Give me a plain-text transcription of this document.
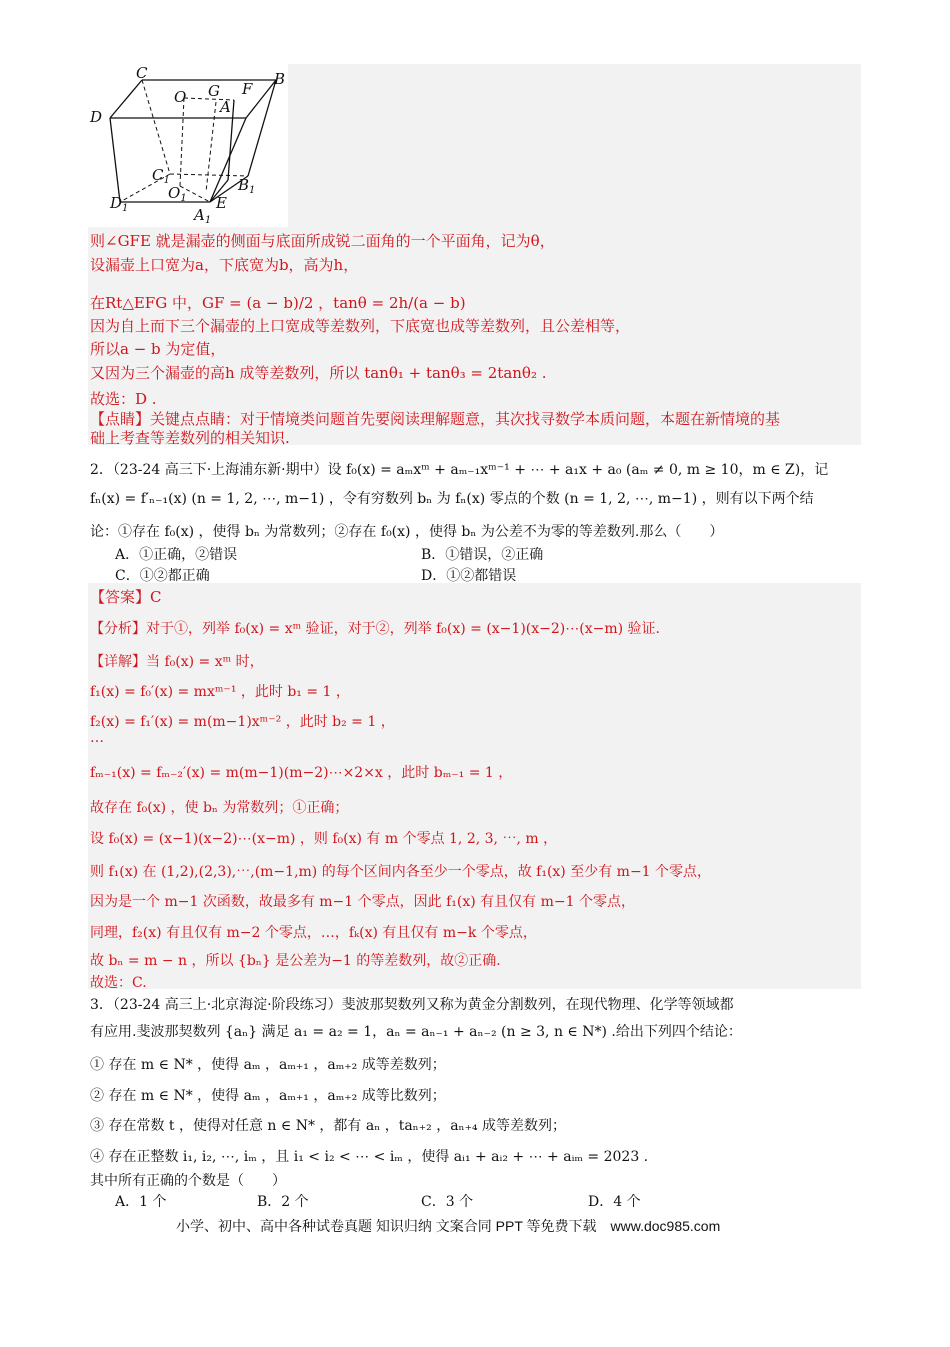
C	B
O G F
A
D
$C_1$
$O_1$
$B_1$
$D_1$	E
$A_1$
则∠GFE 就是漏壶的侧面与底面所成锐二面角的一个平面角，记为θ，
设漏壶上口宽为a，下底宽为b，高为h，
在Rt△EFG 中，GF = (a − b)/2 ，tanθ = 2h/(a − b)
因为自上而下三个漏壶的上口宽成等差数列，下底宽也成等差数列，且公差相等，
所以a − b 为定值，
又因为三个漏壶的高h 成等差数列，所以 tanθ₁ + tanθ₃ = 2tanθ₂ .
故选：D .
【点睛】关键点点睛：对于情境类问题首先要阅读理解题意，其次找寻数学本质问题，本题在新情境的基
础上考查等差数列的相关知识.
2．（23-24 高三下·上海浦东新·期中）设 f₀(x) = aₘxᵐ + aₘ₋₁xᵐ⁻¹ + ⋯ + a₁x + a₀ (aₘ ≠ 0, m ≥ 10，m ∈ Z)，记
fₙ(x) = f′ₙ₋₁(x) (n = 1, 2, ⋯, m−1) ，令有穷数列 bₙ 为 fₙ(x) 零点的个数 (n = 1, 2, ⋯, m−1) ，则有以下两个结
论：①存在 f₀(x) ，使得 bₙ 为常数列；②存在 f₀(x) ，使得 bₙ 为公差不为零的等差数列.那么（　　）
A．①正确，②错误	B．①错误，②正确
C．①②都正确	D．①②都错误
【答案】C
【分析】对于①，列举 f₀(x) = xᵐ 验证，对于②，列举 f₀(x) = (x−1)(x−2)⋯(x−m) 验证.
【详解】当 f₀(x) = xᵐ 时，
f₁(x) = f₀′(x) = mxᵐ⁻¹ ，此时 b₁ = 1 ，
f₂(x) = f₁′(x) = m(m−1)xᵐ⁻² ，此时 b₂ = 1 ，
…
fₘ₋₁(x) = fₘ₋₂′(x) = m(m−1)(m−2)⋯×2×x ，此时 bₘ₋₁ = 1 ，
故存在 f₀(x) ，使 bₙ 为常数列；①正确；
设 f₀(x) = (x−1)(x−2)⋯(x−m) ，则 f₀(x) 有 m 个零点 1, 2, 3, ⋯, m ，
则 f₁(x) 在 (1,2),(2,3),⋯,(m−1,m) 的每个区间内各至少一个零点，故 f₁(x) 至少有 m−1 个零点，
因为是一个 m−1 次函数，故最多有 m−1 个零点，因此 f₁(x) 有且仅有 m−1 个零点，
同理，f₂(x) 有且仅有 m−2 个零点，…，fₖ(x) 有且仅有 m−k 个零点，
故 bₙ = m − n ，所以 {bₙ} 是公差为−1 的等差数列，故②正确.
故选：C.
3．（23-24 高三上·北京海淀·阶段练习）斐波那契数列又称为黄金分割数列，在现代物理、化学等领域都
有应用.斐波那契数列 {aₙ} 满足 a₁ = a₂ = 1，aₙ = aₙ₋₁ + aₙ₋₂ (n ≥ 3, n ∈ N*) .给出下列四个结论：
① 存在 m ∈ N* ，使得 aₘ ，aₘ₊₁ ，aₘ₊₂ 成等差数列；
② 存在 m ∈ N* ，使得 aₘ ，aₘ₊₁ ，aₘ₊₂ 成等比数列；
③ 存在常数 t ，使得对任意 n ∈ N* ，都有 aₙ ，taₙ₊₂ ，aₙ₊₄ 成等差数列；
④ 存在正整数 i₁, i₂, ⋯, iₘ ，且 i₁ < i₂ < ⋯ < iₘ ，使得 aᵢ₁ + aᵢ₂ + ⋯ + aᵢₘ = 2023 .
其中所有正确的个数是（　　）
A．1 个	B．2 个	C．3 个	D．4 个
小学、初中、高中各种试卷真题 知识归纳 文案合同 PPT 等免费下载　www.doc985.com
